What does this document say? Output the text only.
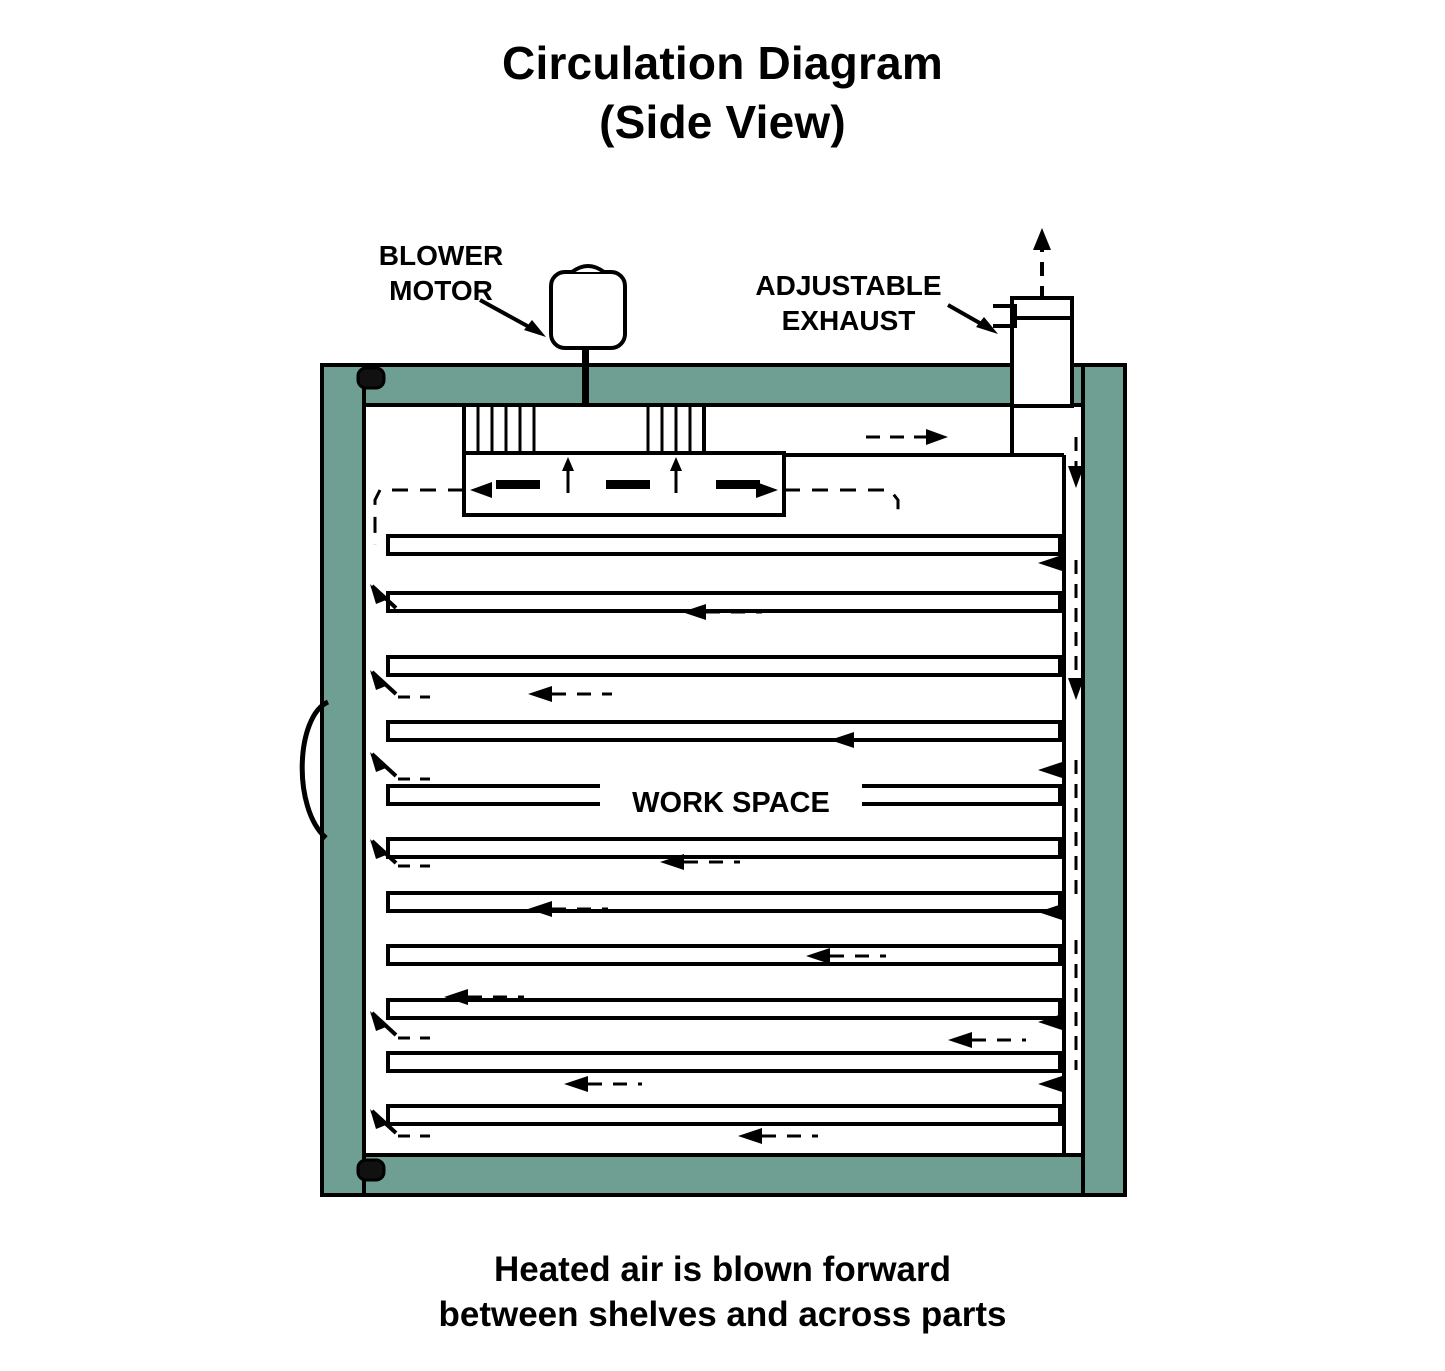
Circulation Diagram
(Side View)
BLOWER
MOTOR	ADJUSTABLE
EXHAUST
WORK SPACE
Heated air is blown forward
between shelves and across parts
